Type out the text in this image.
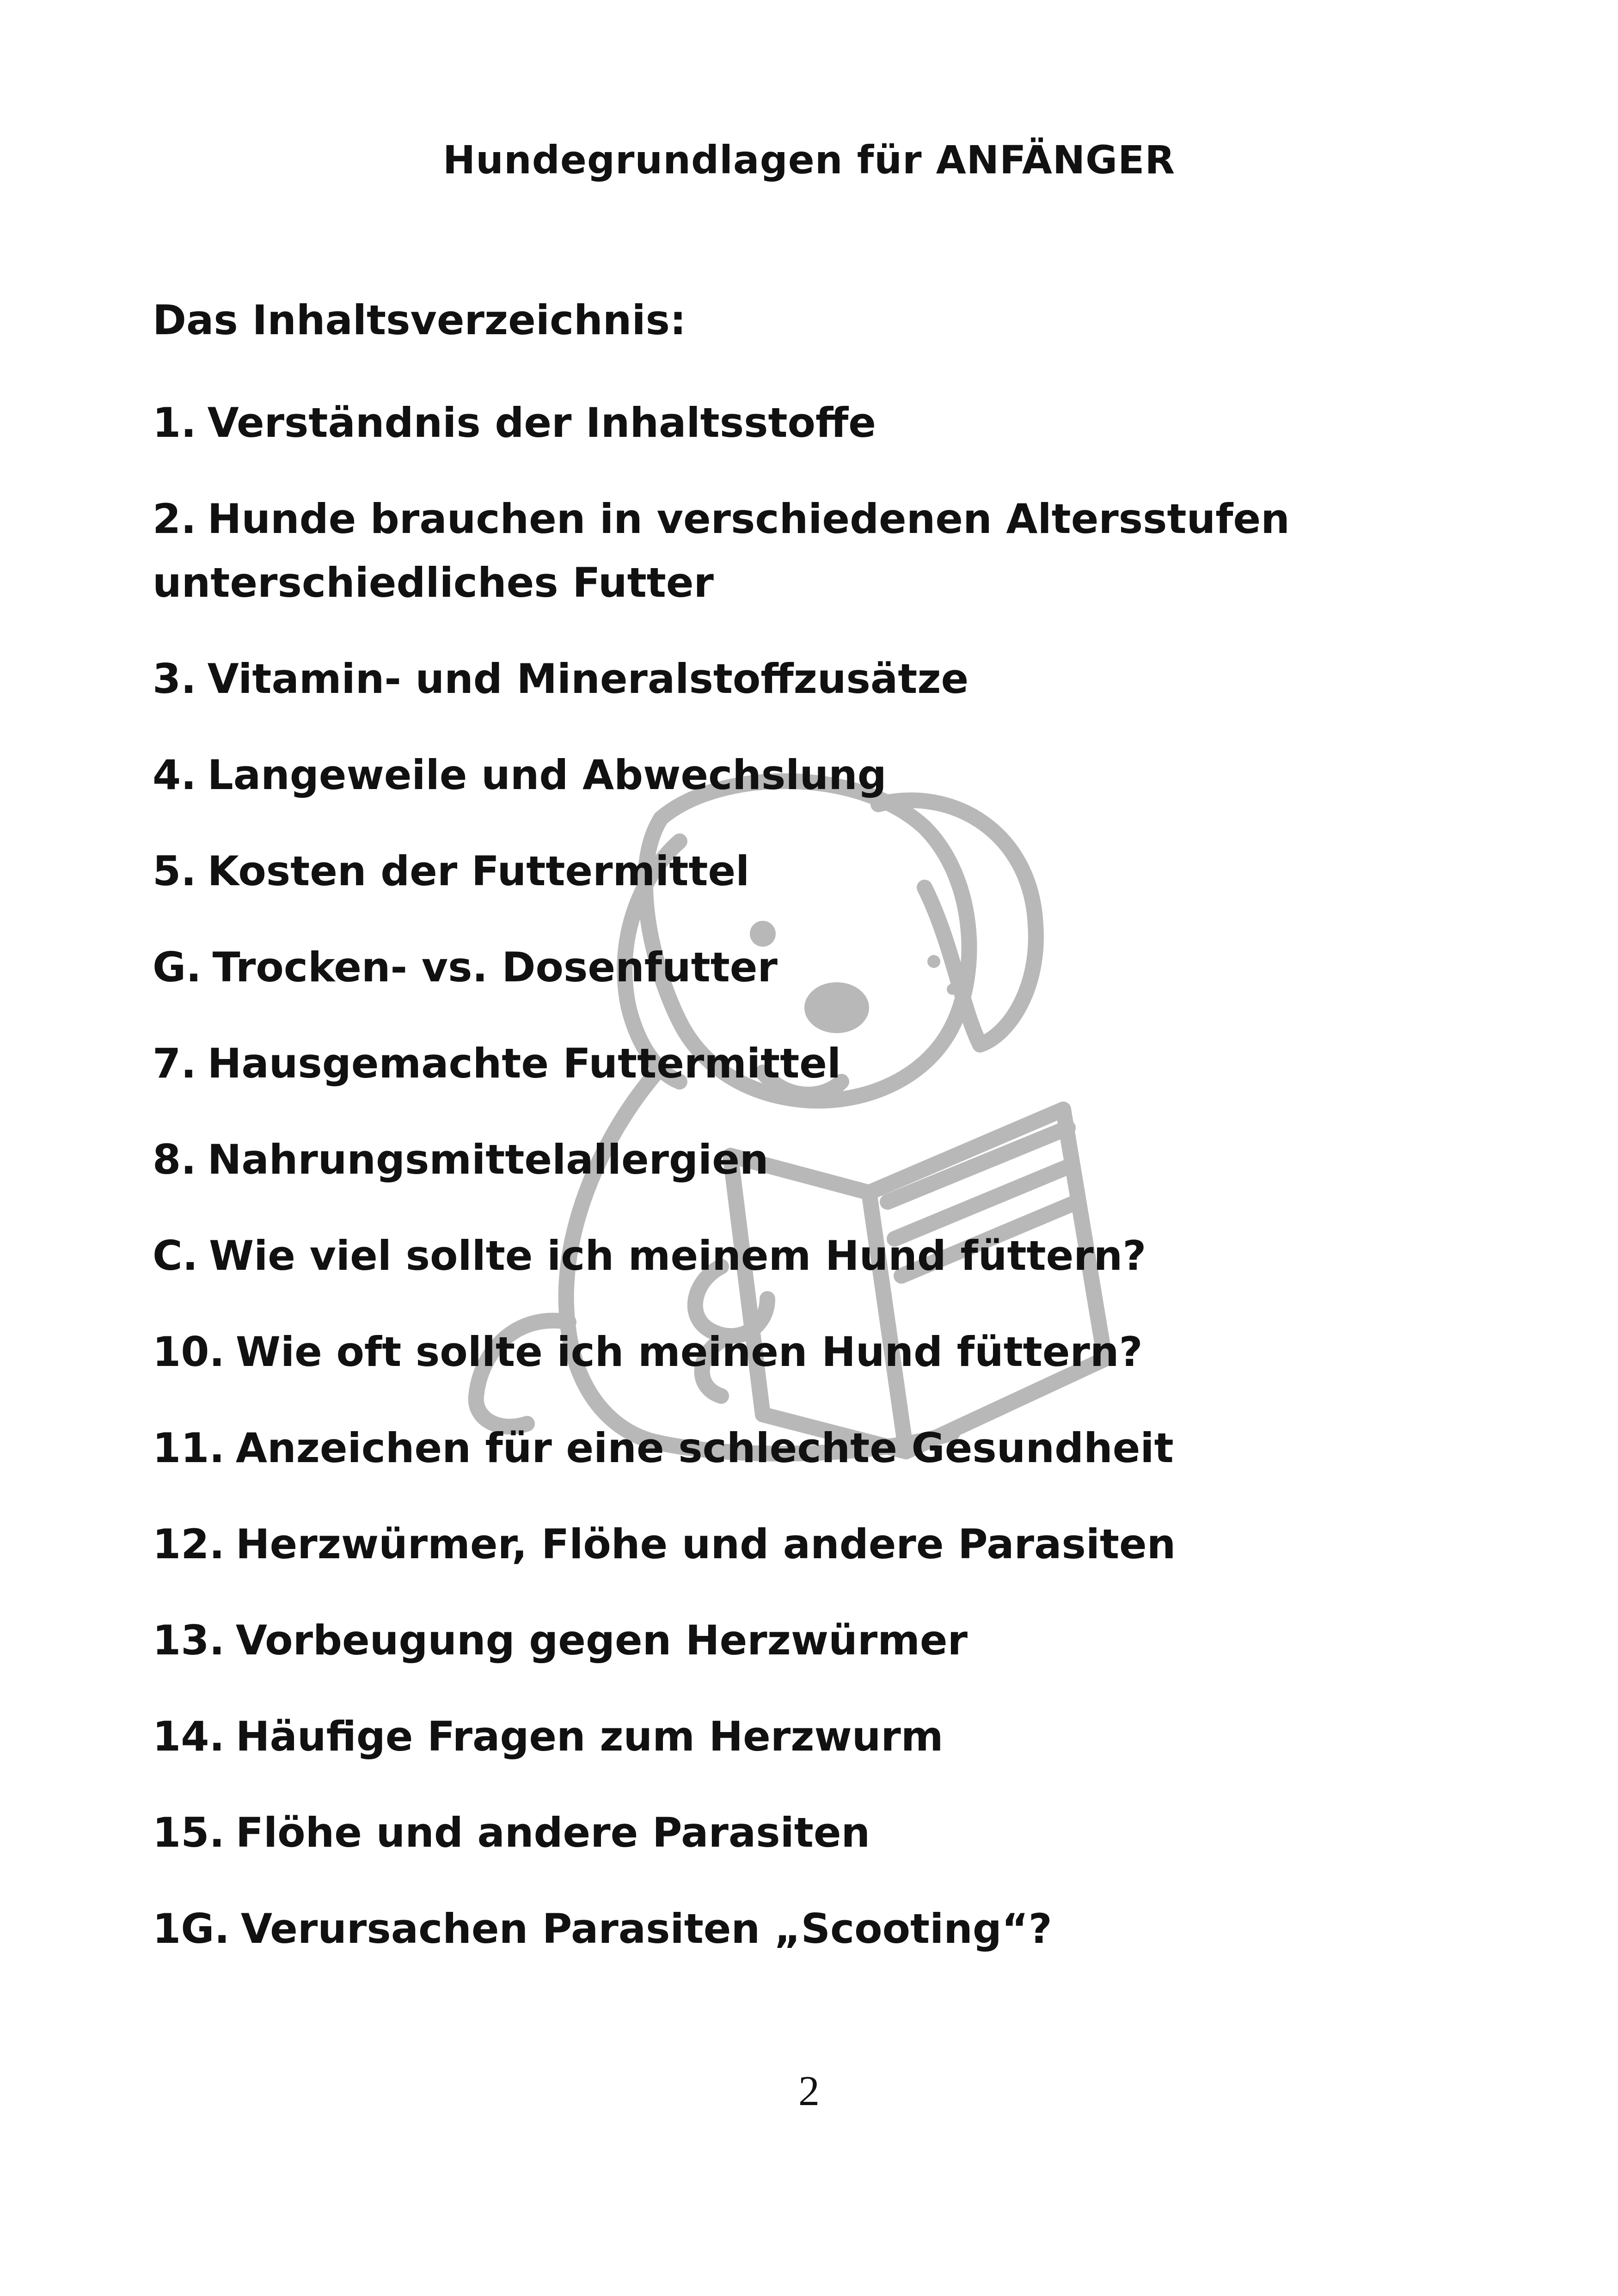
Hundegrundlagen für ANFÄNGER
Das Inhaltsverzeichnis:
1. Verständnis der Inhaltsstoffe
2. Hunde brauchen in verschiedenen Altersstufen
unterschiedliches Futter
3. Vitamin- und Mineralstoffzusätze
4. Langeweile und Abwechslung
5. Kosten der Futtermittel
G. Trocken- vs. Dosenfutter
7. Hausgemachte Futtermittel
8. Nahrungsmittelallergien
C. Wie viel sollte ich meinem Hund füttern?
10. Wie oft sollte ich meinen Hund füttern?
11. Anzeichen für eine schlechte Gesundheit
12. Herzwürmer, Flöhe und andere Parasiten
13. Vorbeugung gegen Herzwürmer
14. Häufige Fragen zum Herzwurm
15. Flöhe und andere Parasiten
1G. Verursachen Parasiten „Scooting“?

2
